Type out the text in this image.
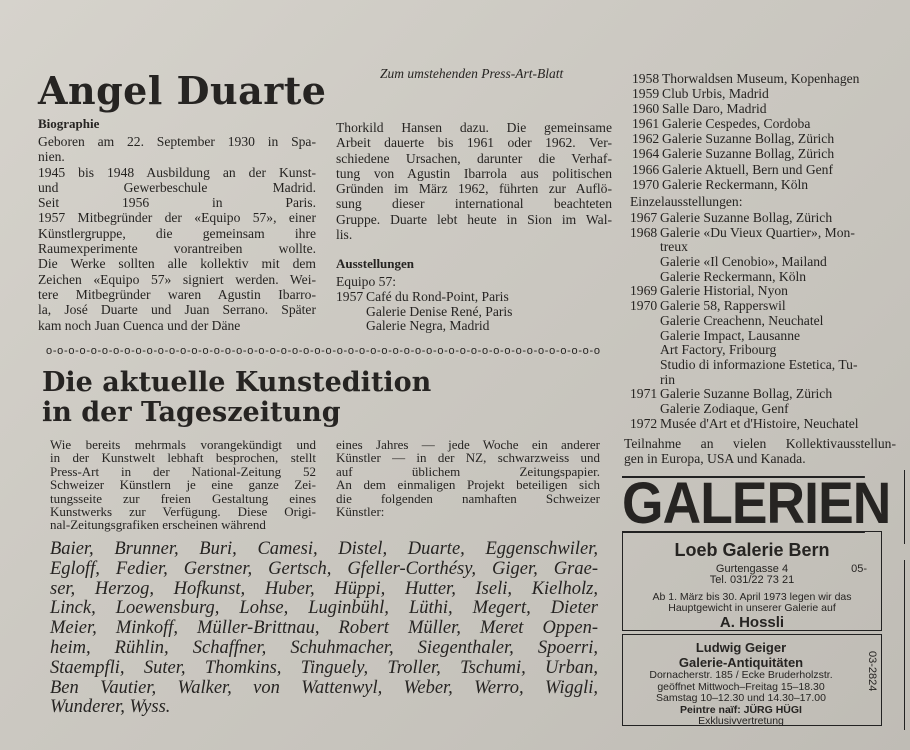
Zum umstehenden Press-Art-Blatt
Angel Duarte
Biographie
Geboren am 22. September 1930 in Spa-
nien.
1945 bis 1948 Ausbildung an der Kunst-
und Gewerbeschule Madrid.
Seit 1956 in Paris.
1957 Mitbegründer der «Equipo 57», einer
Künstlergruppe, die gemeinsam ihre
Raumexperimente vorantreiben wollte.
Die Werke sollten alle kollektiv mit dem
Zeichen «Equipo 57» signiert werden. Wei-
tere Mitbegründer waren Agustin Ibarro-
la, José Duarte und Juan Serrano. Später
kam noch Juan Cuenca und der Däne
Thorkild Hansen dazu. Die gemeinsame
Arbeit dauerte bis 1961 oder 1962. Ver-
schiedene Ursachen, darunter die Verhaf-
tung von Agustin Ibarrola aus politischen
Gründen im März 1962, führten zur Auflö-
sung dieser international beachteten
Gruppe. Duarte lebt heute in Sion im Wal-
lis.
Ausstellungen
Equipo 57:
1957 Café du Rond-Point, Paris
Galerie Denise René, Paris
Galerie Negra, Madrid
1958 Thorwaldsen Museum, Kopenhagen
1959 Club Urbis, Madrid
1960 Salle Daro, Madrid
1961 Galerie Cespedes, Cordoba
1962 Galerie Suzanne Bollag, Zürich
1964 Galerie Suzanne Bollag, Zürich
1966 Galerie Aktuell, Bern und Genf
1970 Galerie Reckermann, Köln
Einzelausstellungen:
1967 Galerie Suzanne Bollag, Zürich
1968 Galerie «Du Vieux Quartier», Mon-
treux
Galerie «Il Cenobio», Mailand
Galerie Reckermann, Köln
1969 Galerie Historial, Nyon
1970 Galerie 58, Rapperswil
Galerie Creachenn, Neuchatel
Galerie Impact, Lausanne
Art Factory, Fribourg
Studio di informazione Estetica, Tu-
rin
1971 Galerie Suzanne Bollag, Zürich
Galerie Zodiaque, Genf
1972 Musée d'Art et d'Histoire, Neuchatel
Teilnahme an vielen Kollektivausstellun-
gen in Europa, USA und Kanada.
o-o-o-o-o-o-o-o-o-o-o-o-o-o-o-o-o-o-o-o-o-o-o-o-o-o-o-o-o-o-o-o-o-o-o-o-o-o-o-o-o-o-o-o-o-o-o-o-o-o
Die aktuelle Kunstedition
in der Tageszeitung
Wie bereits mehrmals vorangekündigt und
in der Kunstwelt lebhaft besprochen, stellt
Press-Art in der National-Zeitung 52
Schweizer Künstlern je eine ganze Zei-
tungsseite zur freien Gestaltung eines
Kunstwerks zur Verfügung. Diese Origi-
nal-Zeitungsgrafiken erscheinen während
eines Jahres — jede Woche ein anderer
Künstler — in der NZ, schwarzweiss und
auf üblichem Zeitungspapier.
An dem einmaligen Projekt beteiligen sich
die folgenden namhaften Schweizer
Künstler:
Baier, Brunner, Buri, Camesi, Distel, Duarte, Eggenschwiler,
Egloff, Fedier, Gerstner, Gertsch, Gfeller-Corthésy, Giger, Grae-
ser, Herzog, Hofkunst, Huber, Hüppi, Hutter, Iseli, Kielholz,
Linck, Loewensburg, Lohse, Luginbühl, Lüthi, Megert, Dieter
Meier, Minkoff, Müller-Brittnau, Robert Müller, Meret Oppen-
heim, Rühlin, Schaffner, Schuhmacher, Siegenthaler, Spoerri,
Staempfli, Suter, Thomkins, Tinguely, Troller, Tschumi, Urban,
Ben Vautier, Walker, von Wattenwyl, Weber, Werro, Wiggli,
Wunderer, Wyss.
GALERIEN
Loeb Galerie Bern
Gurtengasse 4	05-
Tel. 031/22 73 21
Ab 1. März bis 30. April 1973 legen wir das
Hauptgewicht in unserer Galerie auf
A. Hossli
Ludwig Geiger
Galerie-Antiquitäten
Dornacherstr. 185 / Ecke Bruderholzstr.
geöffnet Mittwoch–Freitag 15–18.30
Samstag 10–12.30 und 14.30–17.00
Peintre naïf: JÜRG HÜGI
Exklusivvertretung
03-2824
